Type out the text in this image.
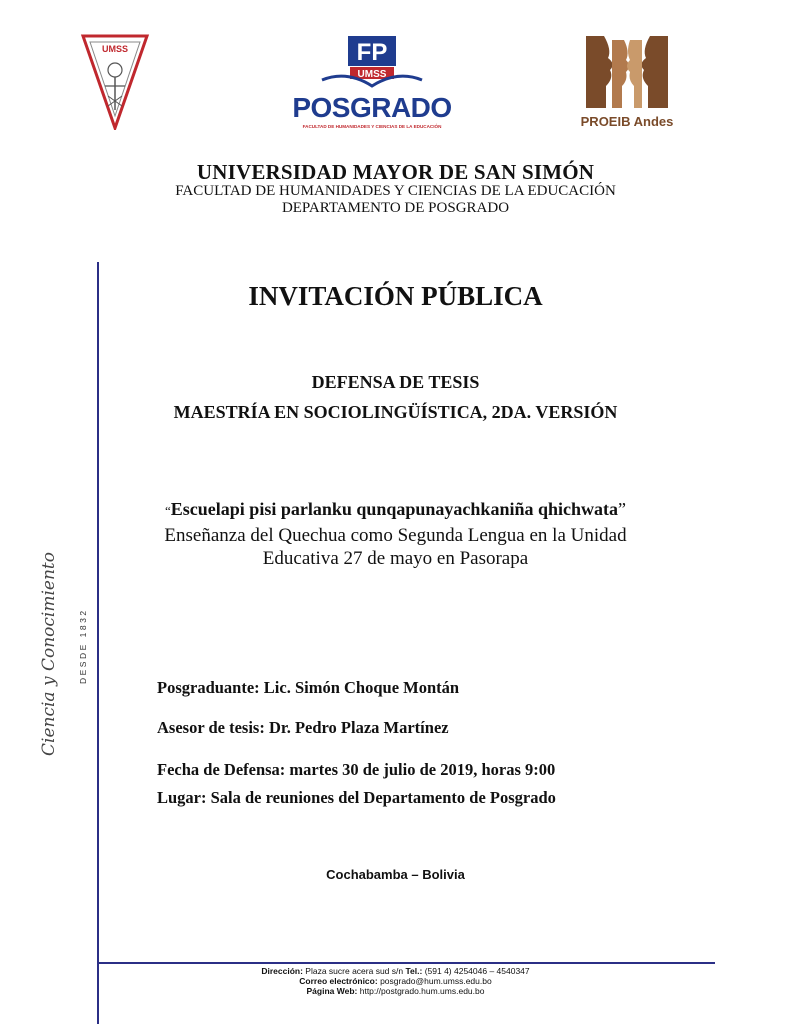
UMSS	FP
UMSS
POSGRADO
FACULTAD DE HUMANIDADES Y CIENCIAS DE LA EDUCACIÓN	PROEIB Andes
UNIVERSIDAD MAYOR DE SAN SIMÓN
FACULTAD DE HUMANIDADES Y CIENCIAS DE LA EDUCACIÓN
DEPARTAMENTO DE POSGRADO
Ciencia y Conocimiento DESDE 1832
INVITACIÓN PÚBLICA
DEFENSA DE TESIS
MAESTRÍA EN SOCIOLINGÜÍSTICA, 2DA. VERSIÓN
“Escuelapi pisi parlanku qunqapunayachkaniña qhichwata”
Enseñanza del Quechua como Segunda Lengua en la Unidad
Educativa 27 de mayo en Pasorapa
Posgraduante: Lic. Simón Choque Montán
Asesor de tesis: Dr. Pedro Plaza Martínez
Fecha de Defensa: martes 30 de julio de 2019, horas 9:00
Lugar: Sala de reuniones del Departamento de Posgrado
Cochabamba – Bolivia
Dirección: Plaza sucre acera sud s/n Tel.: (591 4) 4254046 – 4540347
Correo electrónico: posgrado@hum.umss.edu.bo
Página Web: http://postgrado.hum.ums.edu.bo
